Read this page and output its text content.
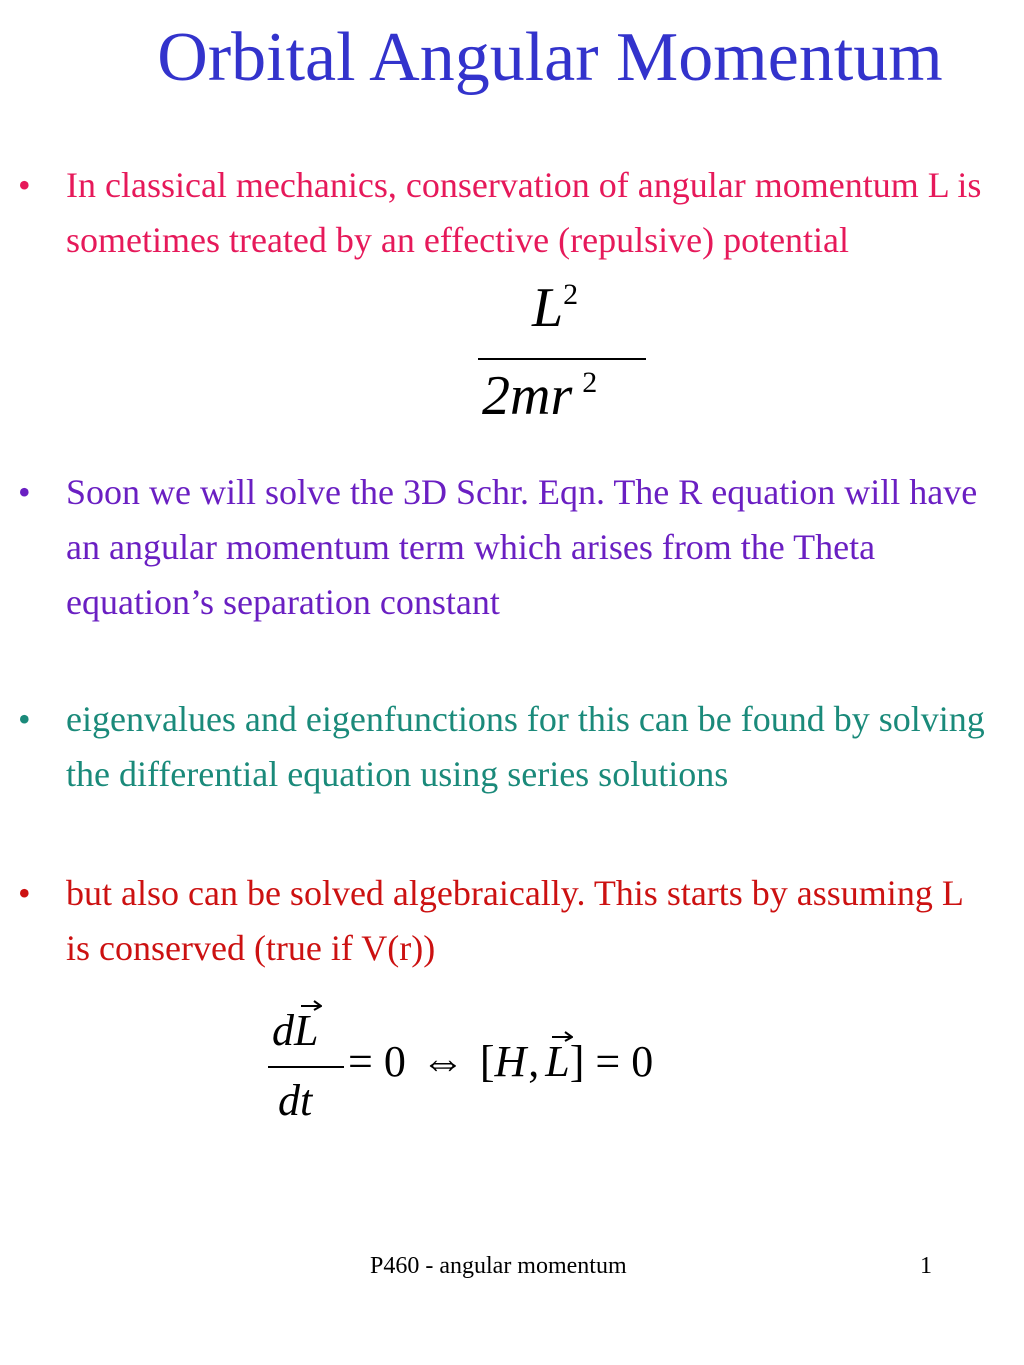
Orbital Angular Momentum
• In classical mechanics, conservation of angular momentum L is sometimes treated by an effective (repulsive) potential
$L^2$
2mr $^2$
• Soon we will solve the 3D Schr. Eqn. The R equation will have an angular momentum term which arises from the Theta equation’s separation constant
• eigenvalues and eigenfunctions for this can be found by solving the differential equation using series solutions
• but also can be solved algebraically. This starts by assuming L is conserved (true if V(r))
dL
dt
= 0 ⇔ [H, L
] = 0
P460 - angular momentum	1
